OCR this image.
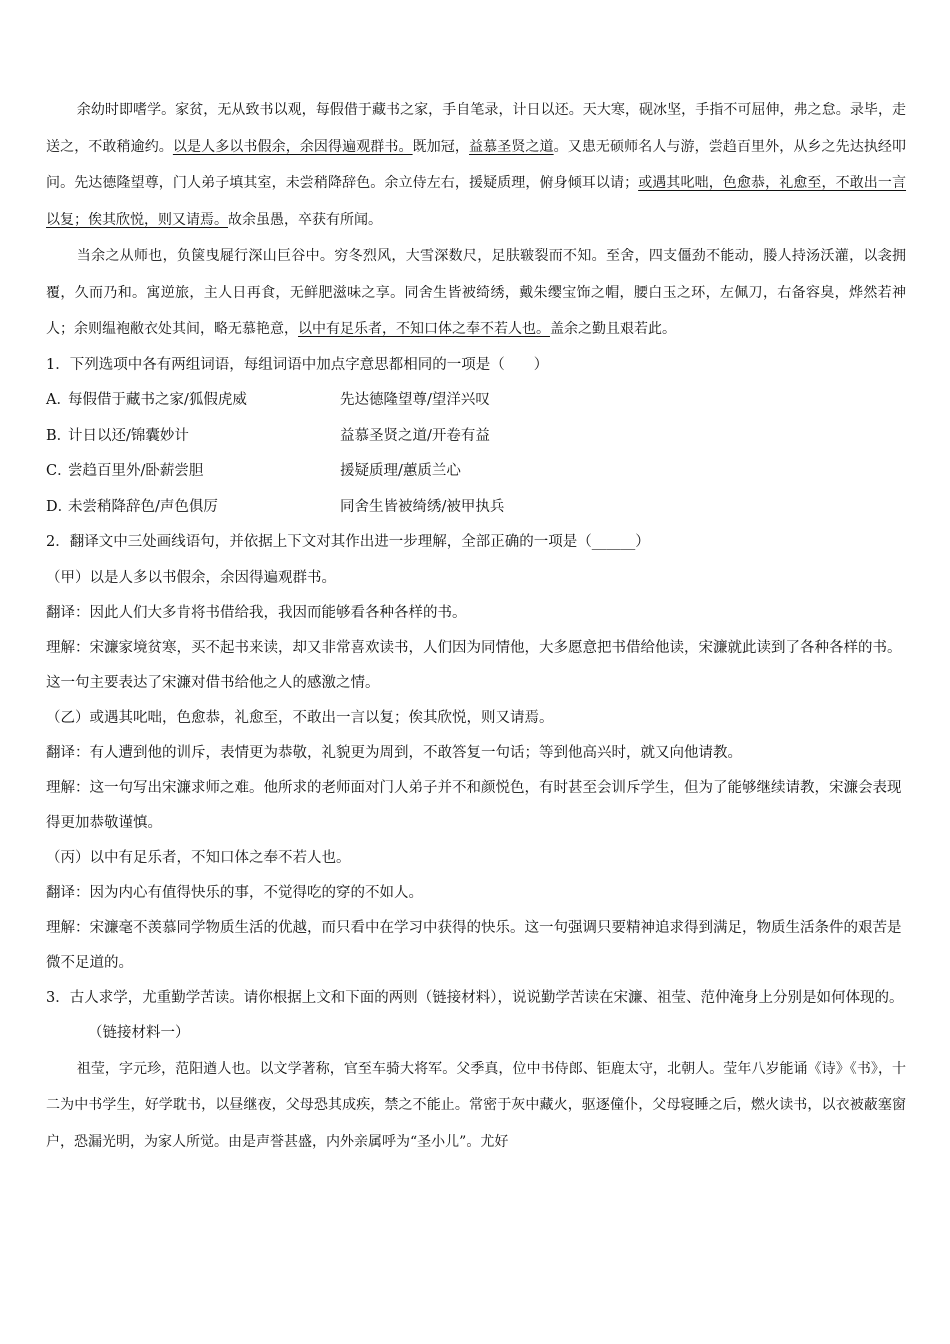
余幼时即嗜学。家贫，无从致书以观，每假借于藏书之家，手自笔录，计日以还。天大寒，砚冰坚，手指不可屈伸，弗之怠。录毕，走送之，不敢稍逾约。以是人多以书假余，余因得遍观群书。既加冠，益慕圣贤之道。又患无硕师名人与游，尝趋百里外，从乡之先达执经叩问。先达德隆望尊，门人弟子填其室，未尝稍降辞色。余立侍左右，援疑质理，俯身倾耳以请；或遇其叱咄，色愈恭，礼愈至，不敢出一言以复；俟其欣悦，则又请焉。故余虽愚，卒获有所闻。

当余之从师也，负箧曳屣行深山巨谷中。穷冬烈风，大雪深数尺，足肤皲裂而不知。至舍，四支僵劲不能动，媵人持汤沃灌，以衾拥覆，久而乃和。寓逆旅，主人日再食，无鲜肥滋味之享。同舍生皆被绮绣，戴朱缨宝饰之帽，腰白玉之环，左佩刀，右备容臭，烨然若神人；余则缊袍敝衣处其间，略无慕艳意，以中有足乐者，不知口体之奉不若人也。盖余之勤且艰若此。

1．下列选项中各有两组词语，每组词语中加点字意思都相同的一项是（　　）

A．
每假借于藏书之家/狐假虎威	先达德隆望尊/望洋兴叹
B．
计日以还/锦囊妙计	益慕圣贤之道/开卷有益
C．
尝趋百里外/卧薪尝胆	援疑质理/蕙质兰心
D．
未尝稍降辞色/声色俱厉	同舍生皆被绮绣/被甲执兵

2．翻译文中三处画线语句，并依据上下文对其作出进一步理解，全部正确的一项是（______）

（甲）以是人多以书假余，余因得遍观群书。

翻译：因此人们大多肯将书借给我，我因而能够看各种各样的书。

理解：宋濂家境贫寒，买不起书来读，却又非常喜欢读书，人们因为同情他，大多愿意把书借给他读，宋濂就此读到了各种各样的书。这一句主要表达了宋濂对借书给他之人的感激之情。

（乙）或遇其叱咄，色愈恭，礼愈至，不敢出一言以复；俟其欣悦，则又请焉。

翻译：有人遭到他的训斥，表情更为恭敬，礼貌更为周到，不敢答复一句话；等到他高兴时，就又向他请教。

理解：这一句写出宋濂求师之难。他所求的老师面对门人弟子并不和颜悦色，有时甚至会训斥学生，但为了能够继续请教，宋濂会表现得更加恭敬谨慎。

（丙）以中有足乐者，不知口体之奉不若人也。

翻译：因为内心有值得快乐的事，不觉得吃的穿的不如人。

理解：宋濂毫不羡慕同学物质生活的优越，而只看中在学习中获得的快乐。这一句强调只要精神追求得到满足，物质生活条件的艰苦是微不足道的。

3．古人求学，尤重勤学苦读。请你根据上文和下面的两则（链接材料），说说勤学苦读在宋濂、祖莹、范仲淹身上分别是如何体现的。

（链接材料一）

祖莹，字元珍，范阳遒人也。以文学著称，官至车骑大将军。父季真，位中书侍郎、钜鹿太守，北朝人。莹年八岁能诵《诗》《书》，十二为中书学生，好学耽书，以昼继夜，父母恐其成疾，禁之不能止。常密于灰中藏火，驱逐僮仆，父母寝睡之后，燃火读书，以衣被蔽塞窗户，恐漏光明，为家人所觉。由是声誉甚盛，内外亲属呼为“圣小儿”。尤好
